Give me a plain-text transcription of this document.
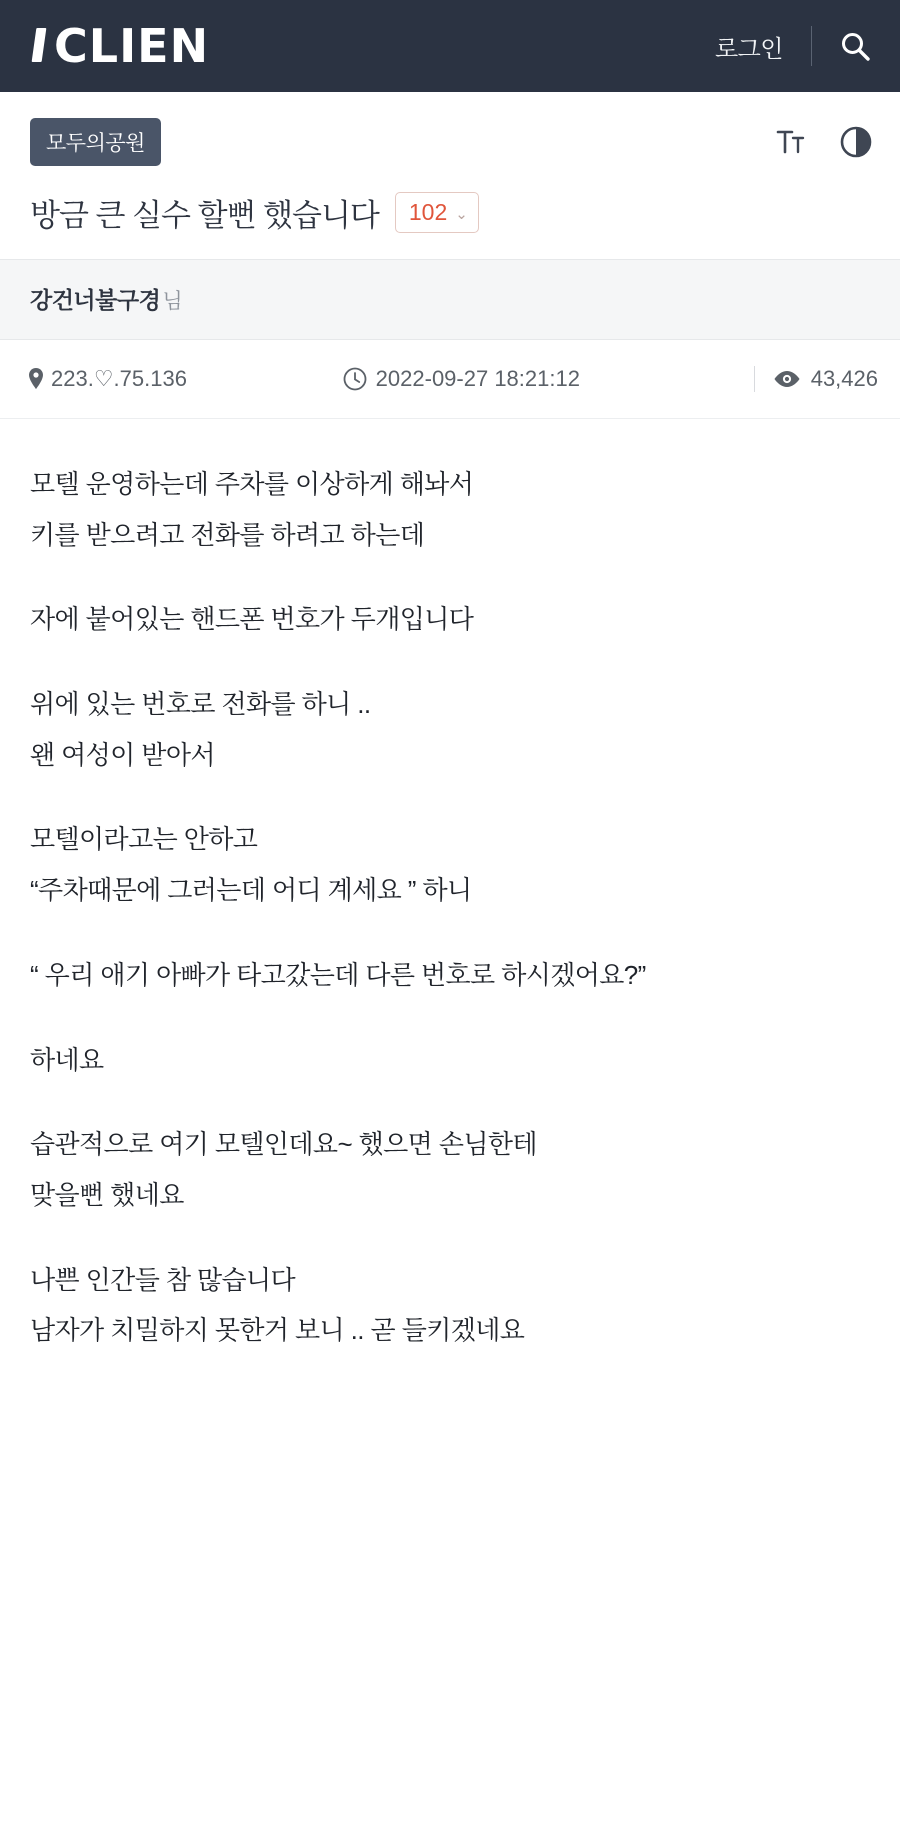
CLIEN	로그인
모두의공원
방금 큰 실수 할뻔 했습니다 102 ⌄
강건너불구경님
223.♡.75.136	2022-09-27 18:21:12	43,426

모텔 운영하는데 주차를 이상하게 해놔서
키를 받으려고 전화를 하려고 하는데

자에 붙어있는 핸드폰 번호가 두개입니다

위에 있는 번호로 전화를 하니 ..
왠 여성이 받아서

모텔이라고는 안하고
“주차때문에 그러는데 어디 계세요 ” 하니

“ 우리 애기 아빠가 타고갔는데 다른 번호로 하시겠어요?”

하네요

습관적으로 여기 모텔인데요~ 했으면 손님한테
맞을뻔 했네요

나쁜 인간들 참 많습니다
남자가 치밀하지 못한거 보니 .. 곧 들키겠네요
